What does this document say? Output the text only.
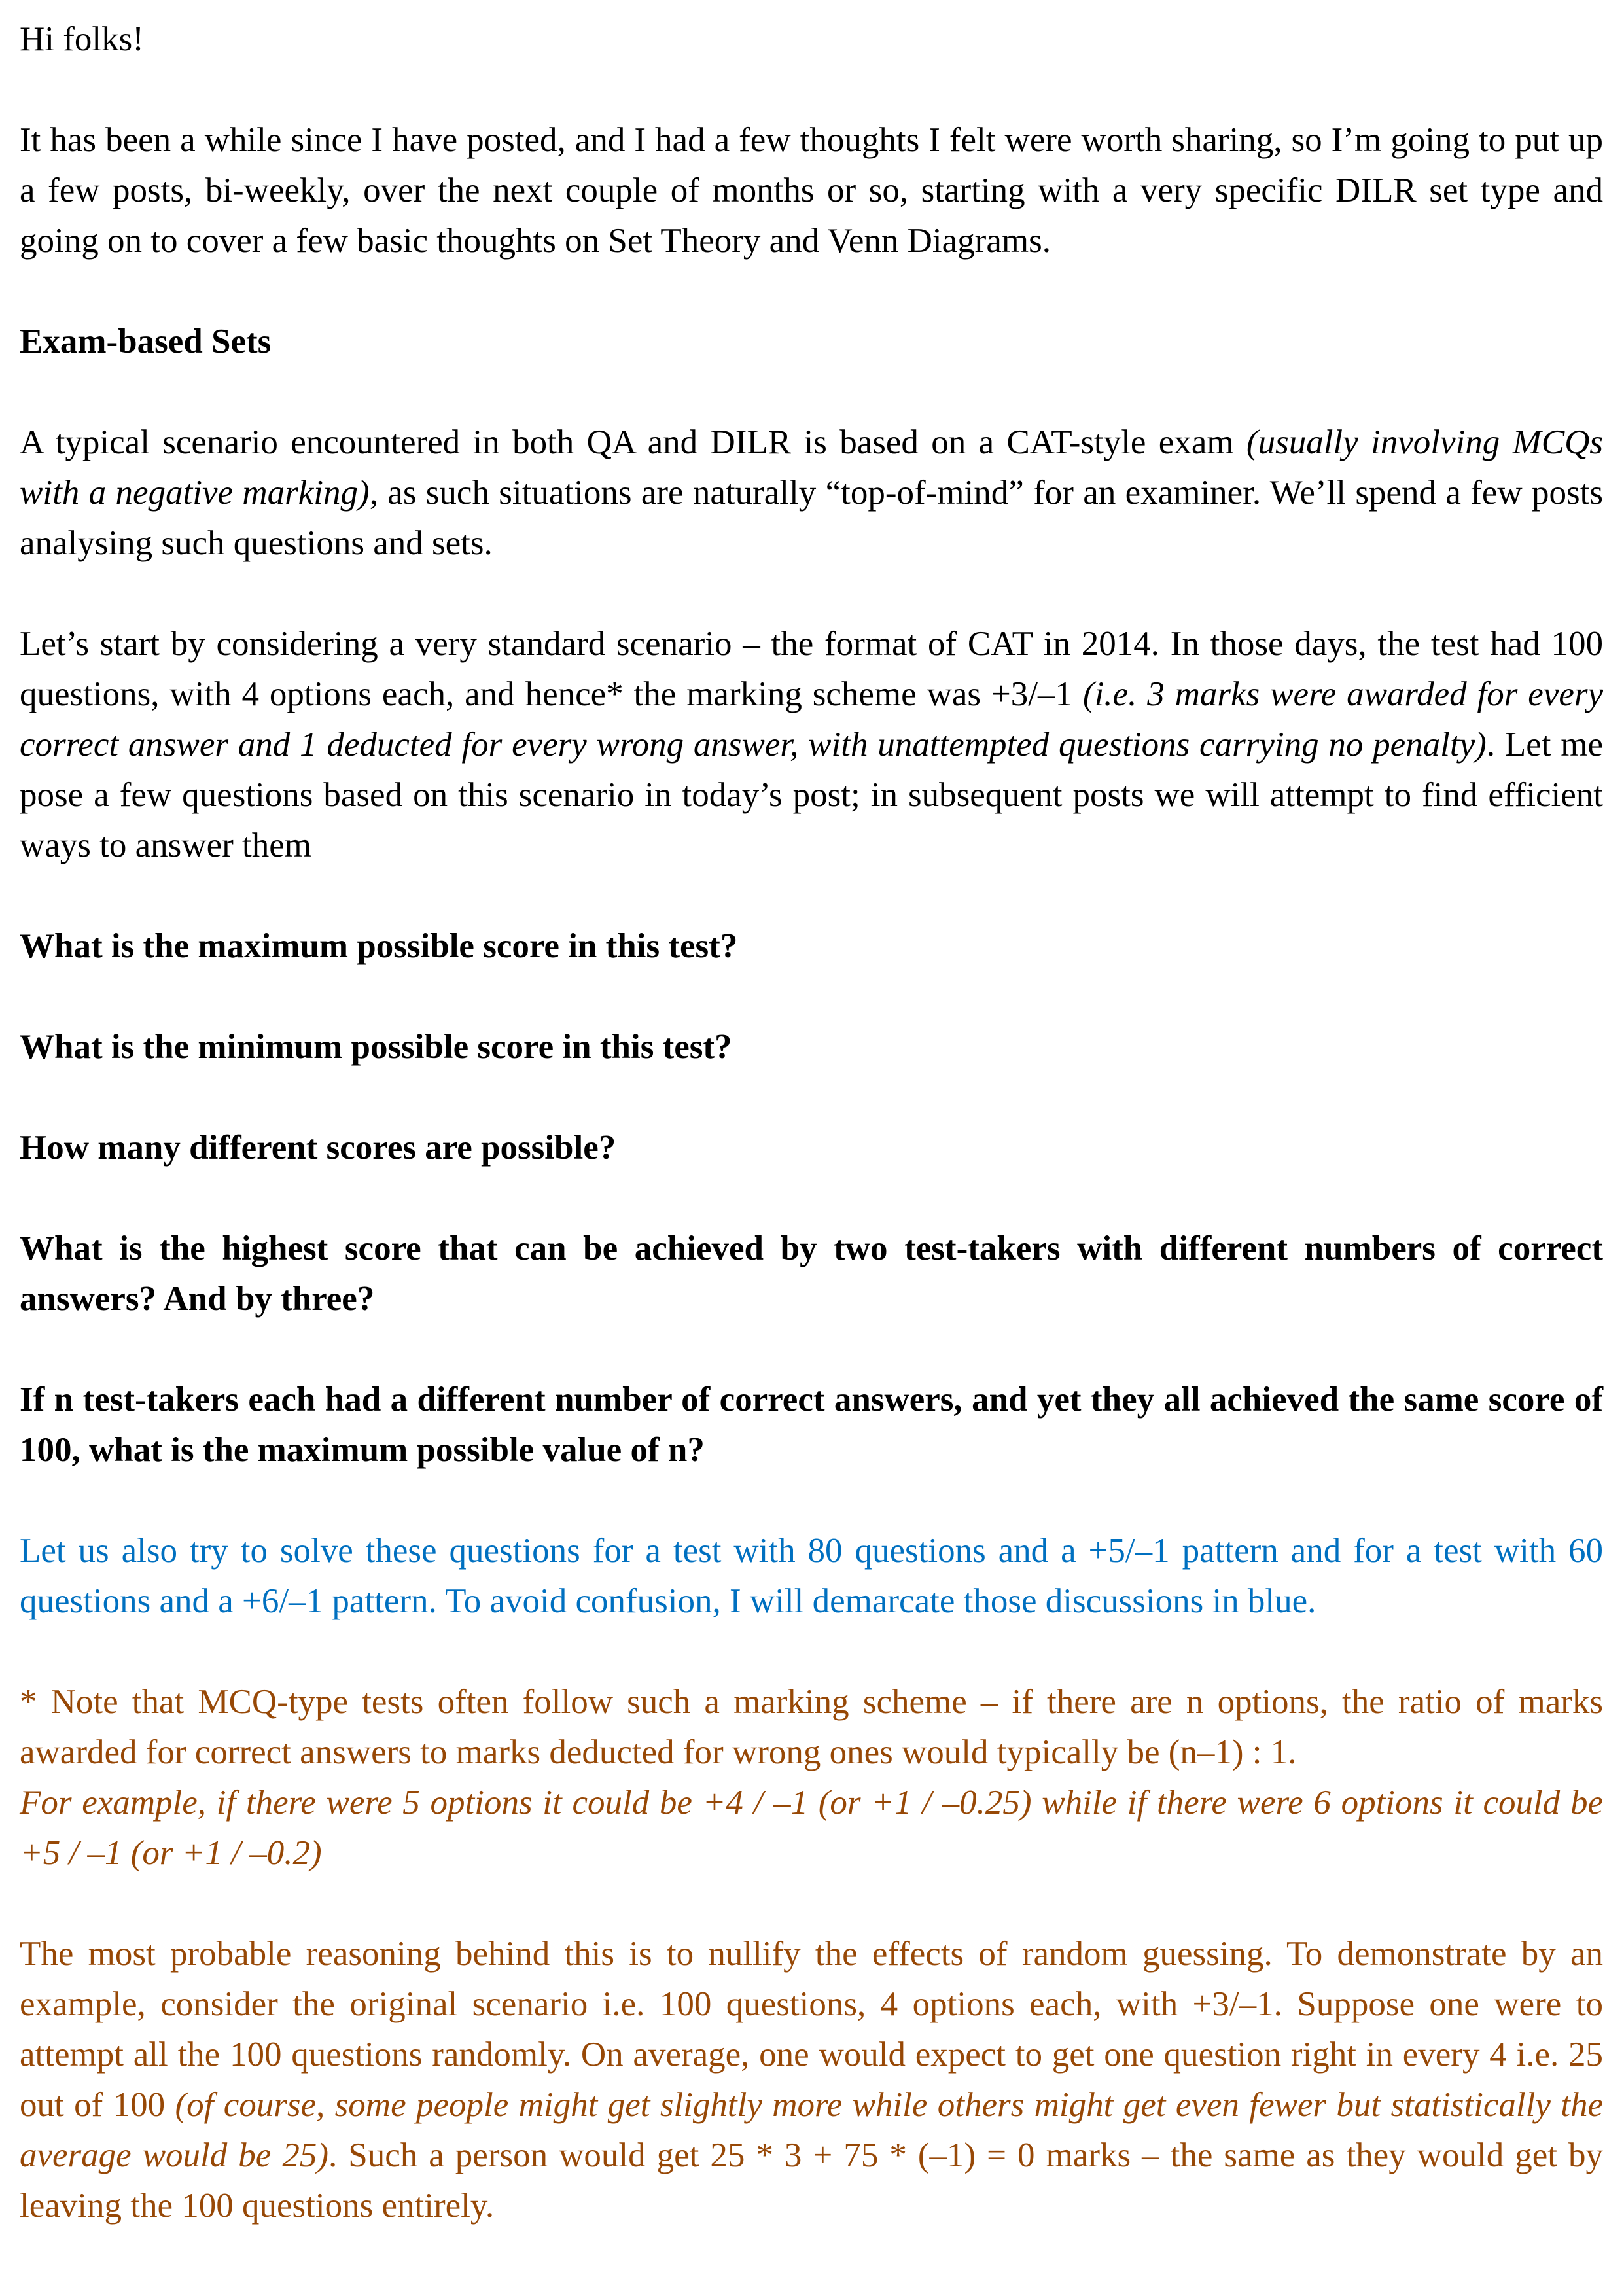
Hi folks!

It has been a while since I have posted, and I had a few thoughts I felt were worth sharing, so I’m going to put up a few posts, bi-weekly, over the next couple of months or so, starting with a very specific DILR set type and going on to cover a few basic thoughts on Set Theory and Venn Diagrams.

Exam-based Sets

A typical scenario encountered in both QA and DILR is based on a CAT-style exam (usually involving MCQs with a negative marking), as such situations are naturally “top-of-mind” for an examiner. We’ll spend a few posts analysing such questions and sets.

Let’s start by considering a very standard scenario – the format of CAT in 2014. In those days, the test had 100 questions, with 4 options each, and hence* the marking scheme was +3/–1 (i.e. 3 marks were awarded for every correct answer and 1 deducted for every wrong answer, with unattempted questions carrying no penalty). Let me pose a few questions based on this scenario in today’s post; in subsequent posts we will attempt to find efficient ways to answer them

What is the maximum possible score in this test?

What is the minimum possible score in this test?

How many different scores are possible?

What is the highest score that can be achieved by two test-takers with different numbers of correct answers? And by three?

If n test-takers each had a different number of correct answers, and yet they all achieved the same score of 100, what is the maximum possible value of n?

Let us also try to solve these questions for a test with 80 questions and a +5/–1 pattern and for a test with 60 questions and a +6/–1 pattern. To avoid confusion, I will demarcate those discussions in blue.

* Note that MCQ-type tests often follow such a marking scheme – if there are n options, the ratio of marks awarded for correct answers to marks deducted for wrong ones would typically be (n–1) : 1.
For example, if there were 5 options it could be +4 / –1 (or +1 / –0.25) while if there were 6 options it could be +5 / –1 (or +1 / –0.2)

The most probable reasoning behind this is to nullify the effects of random guessing. To demonstrate by an example, consider the original scenario i.e. 100 questions, 4 options each, with +3/–1. Suppose one were to attempt all the 100 questions randomly. On average, one would expect to get one question right in every 4 i.e. 25 out of 100 (of course, some people might get slightly more while others might get even fewer but statistically the average would be 25). Such a person would get 25 * 3 + 75 * (–1) = 0 marks – the same as they would get by leaving the 100 questions entirely.
